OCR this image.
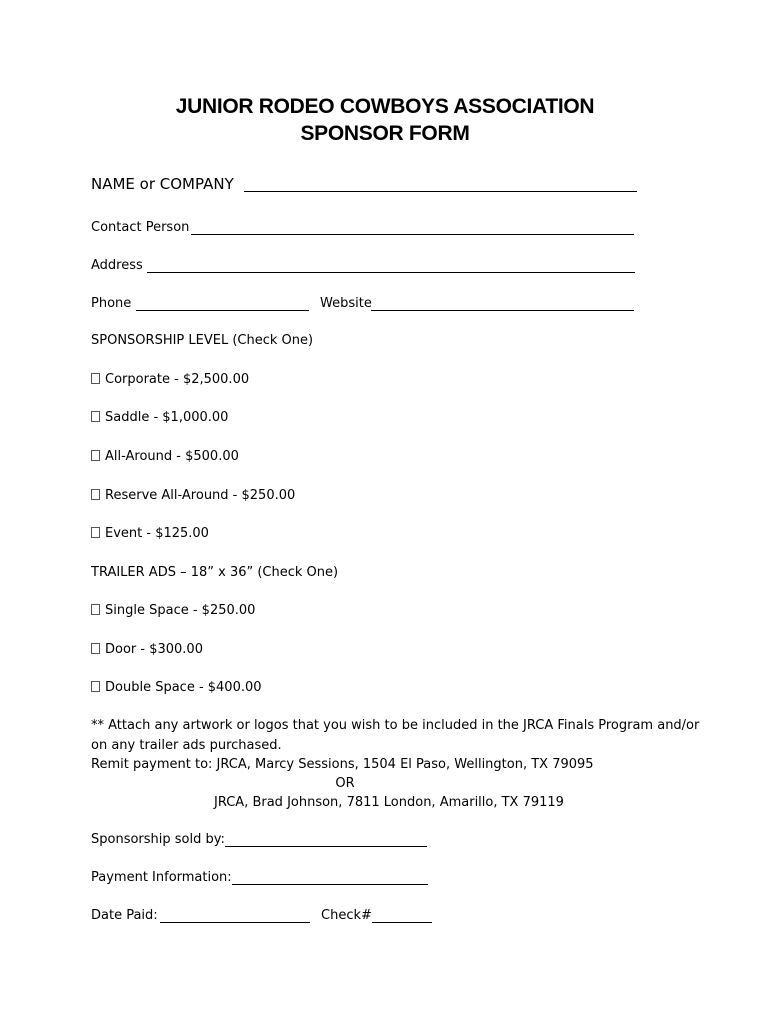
JUNIOR RODEO COWBOYS ASSOCIATION
SPONSOR FORM
NAME or COMPANY
Contact Person
Address
Phone	Website
SPONSORSHIP LEVEL (Check One)
Corporate - $2,500.00
Saddle - $1,000.00
All-Around - $500.00
Reserve All-Around - $250.00
Event - $125.00
TRAILER ADS – 18” x 36” (Check One)
Single Space - $250.00
Door - $300.00
Double Space - $400.00
** Attach any artwork or logos that you wish to be included in the JRCA Finals Program and/or
on any trailer ads purchased.
Remit payment to: JRCA, Marcy Sessions, 1504 El Paso, Wellington, TX 79095
OR
JRCA, Brad Johnson, 7811 London, Amarillo, TX 79119
Sponsorship sold by:
Payment Information:
Date Paid:	Check#
